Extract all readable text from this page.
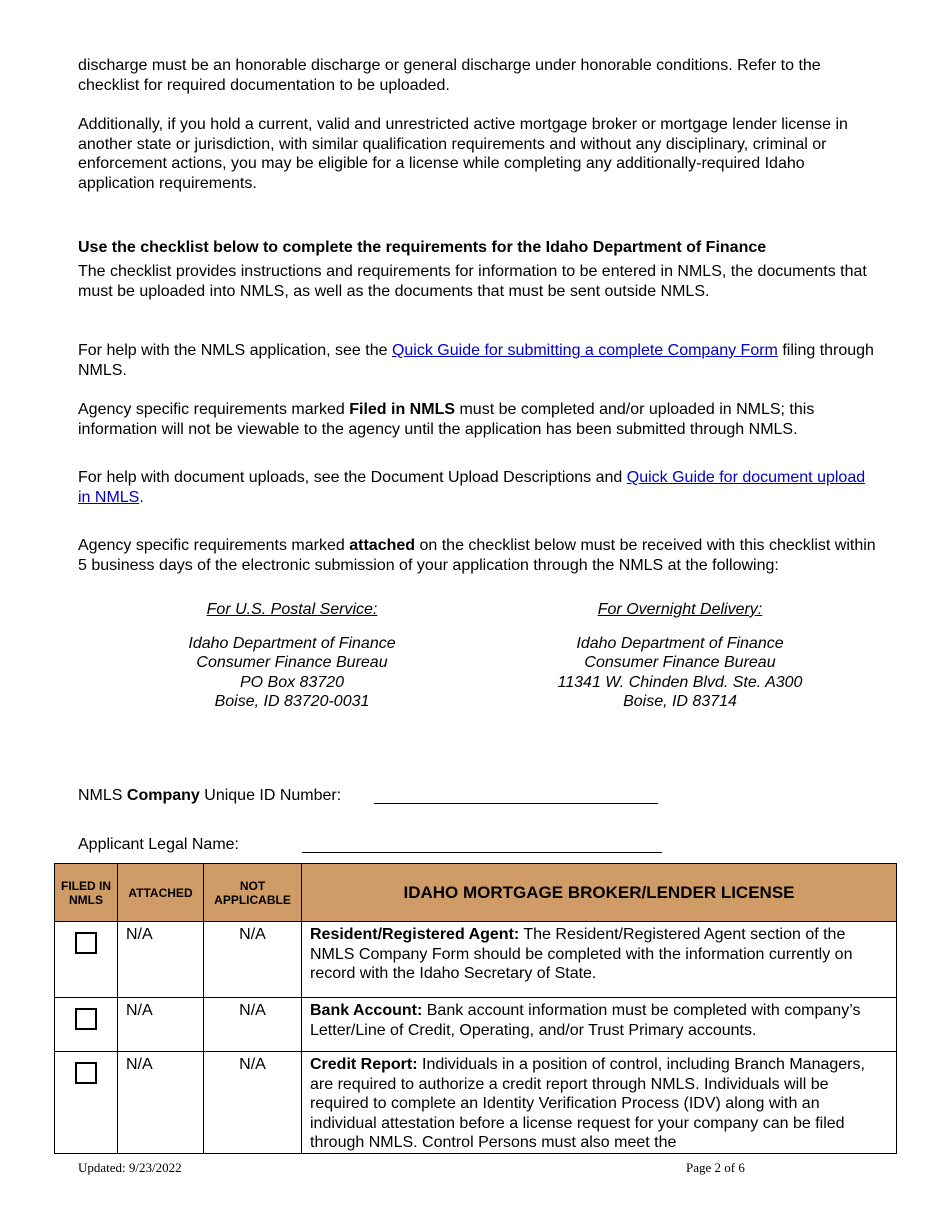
discharge must be an honorable discharge or general discharge under honorable conditions. Refer to the checklist for required documentation to be uploaded.

Additionally, if you hold a current, valid and unrestricted active mortgage broker or mortgage lender license in another state or jurisdiction, with similar qualification requirements and without any disciplinary, criminal or enforcement actions, you may be eligible for a license while completing any additionally-required Idaho application requirements.

Use the checklist below to complete the requirements for the Idaho Department of Finance

The checklist provides instructions and requirements for information to be entered in NMLS, the documents that must be uploaded into NMLS, as well as the documents that must be sent outside NMLS.

For help with the NMLS application, see the Quick Guide for submitting a complete Company Form filing through NMLS.

Agency specific requirements marked Filed in NMLS must be completed and/or uploaded in NMLS; this information will not be viewable to the agency until the application has been submitted through NMLS.

For help with document uploads, see the Document Upload Descriptions and Quick Guide for document upload in NMLS.

Agency specific requirements marked attached on the checklist below must be received with this checklist within 5 business days of the electronic submission of your application through the NMLS at the following:

For U.S. Postal Service:
Idaho Department of Finance
Consumer Finance Bureau
PO Box 83720
Boise, ID 83720-0031
For Overnight Delivery:
Idaho Department of Finance
Consumer Finance Bureau
11341 W. Chinden Blvd. Ste. A300
Boise, ID 83714
NMLS Company Unique ID Number:
Applicant Legal Name:
FILED IN NMLS	ATTACHED	NOT APPLICABLE	IDAHO MORTGAGE BROKER/LENDER LICENSE
	N/A	N/A	Resident/Registered Agent: The Resident/Registered Agent section of the NMLS Company Form should be completed with the information currently on record with the Idaho Secretary of State.
	N/A	N/A	Bank Account: Bank account information must be completed with company’s Letter/Line of Credit, Operating, and/or Trust Primary accounts.
	N/A	N/A	Credit Report: Individuals in a position of control, including Branch Managers, are required to authorize a credit report through NMLS. Individuals will be required to complete an Identity Verification Process (IDV) along with an individual attestation before a license request for your company can be filed through NMLS. Control Persons must also meet the
Updated: 9/23/2022	Page 2 of 6
